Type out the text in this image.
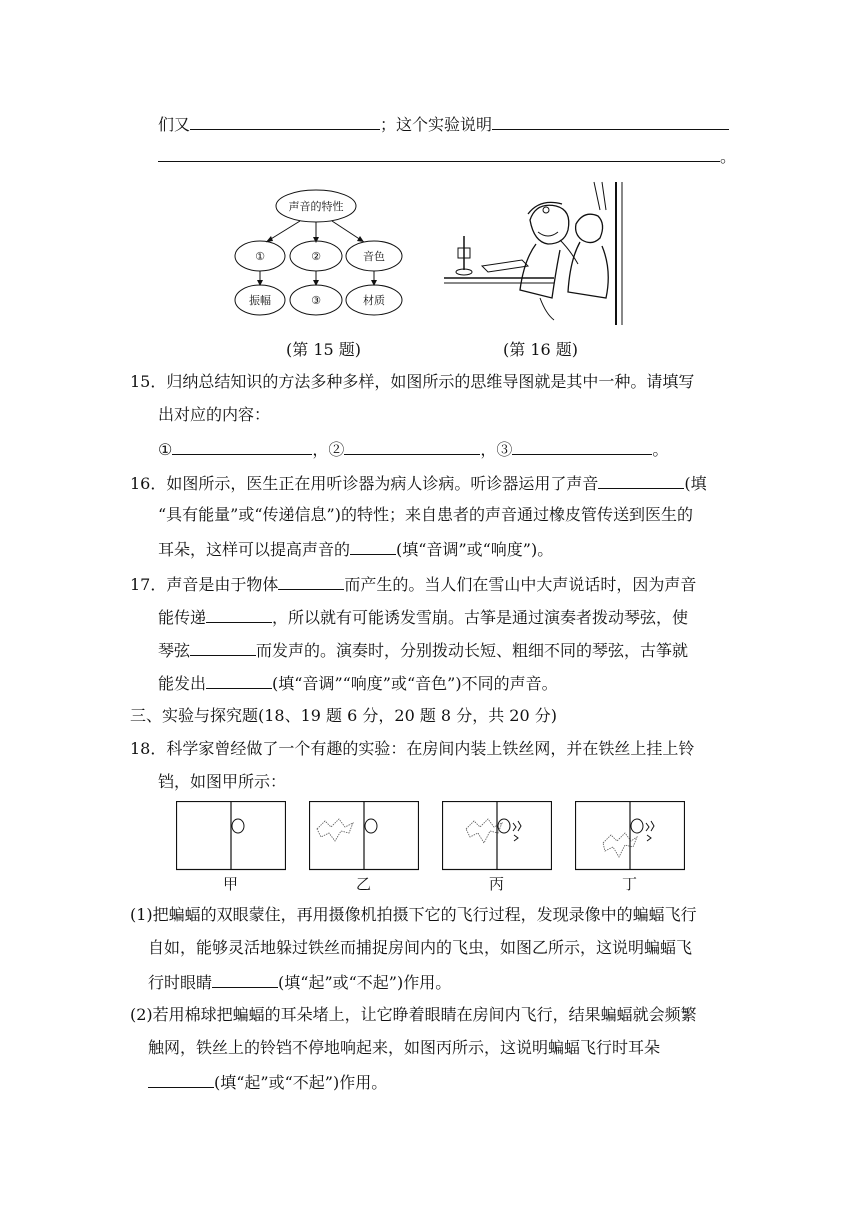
们又	；这个实验说明
。
声音的特性
①	②	音色
振幅	③	材质
(第 15 题)	(第 16 题)
15．归纳总结知识的方法多种多样，如图所示的思维导图就是其中一种。请填写
出对应的内容：
①	，②	，③	。
16．如图所示，医生正在用听诊器为病人诊病。听诊器运用了声音	(填
“具有能量”或“传递信息”)的特性；来自患者的声音通过橡皮管传送到医生的
耳朵，这样可以提高声音的	(填“音调”或“响度”)。
17．声音是由于物体	而产生的。当人们在雪山中大声说话时，因为声音
能传递	，所以就有可能诱发雪崩。古筝是通过演奏者拨动琴弦，使
琴弦	而发声的。演奏时，分别拨动长短、粗细不同的琴弦，古筝就
能发出	(填“音调”“响度”或“音色”)不同的声音。
三、实验与探究题(18、19 题 6 分，20 题 8 分，共 20 分)
18．科学家曾经做了一个有趣的实验：在房间内装上铁丝网，并在铁丝上挂上铃
铛，如图甲所示：
甲	乙	丙	丁
(1)把蝙蝠的双眼蒙住，再用摄像机拍摄下它的飞行过程，发现录像中的蝙蝠飞行
自如，能够灵活地躲过铁丝而捕捉房间内的飞虫，如图乙所示，这说明蝙蝠飞
行时眼睛	(填“起”或“不起”)作用。
(2)若用棉球把蝙蝠的耳朵堵上，让它睁着眼睛在房间内飞行，结果蝙蝠就会频繁
触网，铁丝上的铃铛不停地响起来，如图丙所示，这说明蝙蝠飞行时耳朵
(填“起”或“不起”)作用。
